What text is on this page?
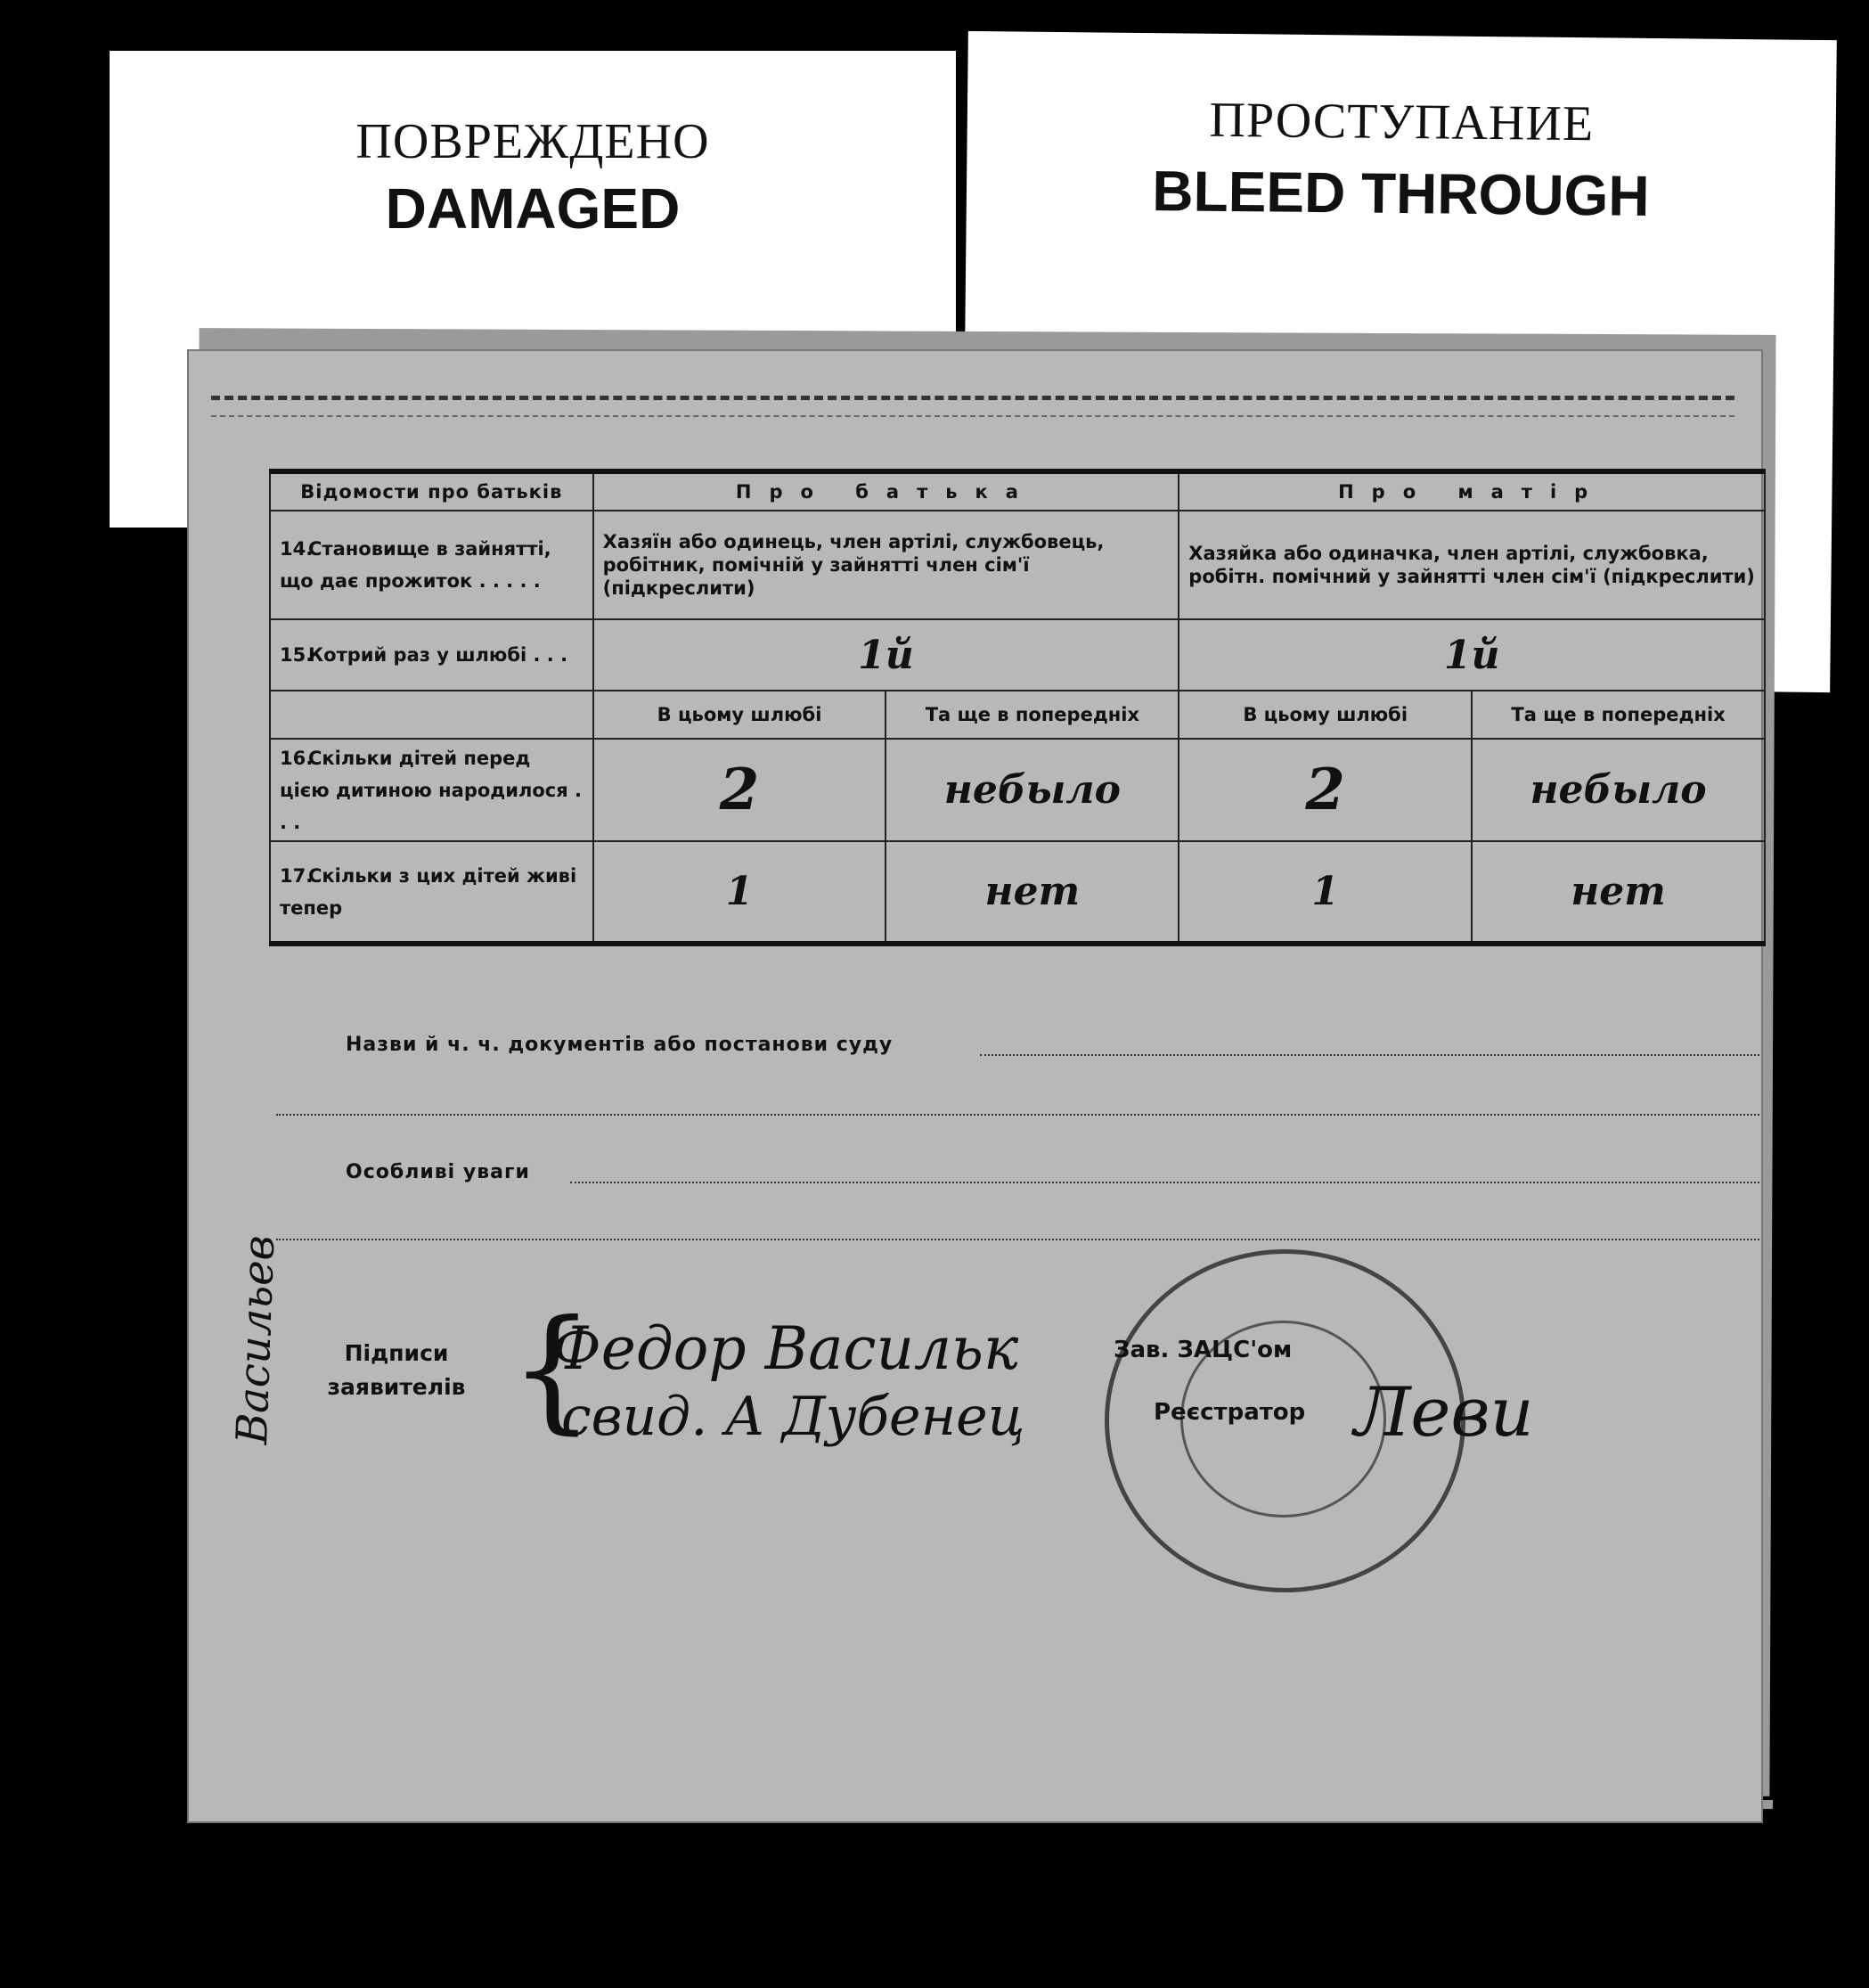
ПОВРЕЖДЕНО
DAMAGED
ПРОСТУПАНИЕ
BLEED THROUGH
Відомости про батьків	Про батька		Про матір	
14.Становище в зайнятті, що дає прожиток . . . . .	Хазяїн або одинець, член артілі, службовець, робітник, помічній у зайнятті член сім'ї (підкреслити)		Хазяйка або одиначка, член артілі, службовка, робітн. помічний у зайнятті член сім'ї (підкреслити)	
15.Котрий раз у шлюбі . . .	1й		1й	
	В цьому шлюбі	Та ще в попередніх	В цьому шлюбі	Та ще в попередніх
16.Скільки дітей перед цією дитиною народилося . . .	2	небыло	2	небыло
17.Скільки з цих дітей живі тепер	1	нет	1	нет
Назви й ч. ч. документів або постанови суду
Особливі уваги
Підписи заявителів {
Федор Васильк
свид. А Дубенец
Зав. ЗАЦС'ом
Реєстратор Леви
Васильев
